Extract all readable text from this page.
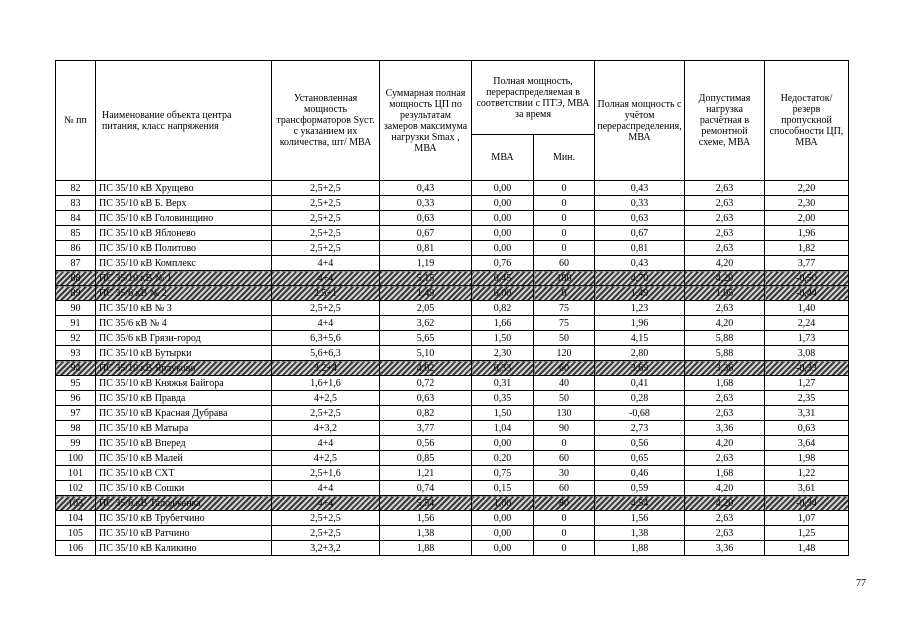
№ пп	Наименование объекта центра питания, класс напряжения	Установленная мощность трансформаторов Sуст. с указанием их количества, шт/ МВА	Суммарная полная мощность ЦП по результатам замеров максимума нагрузки Smax , МВА	Полная мощность, перераспределяемая в соответствии с ПТЭ, МВА за время		Полная мощность с учётом перераспределения, МВА	Допустимая нагрузка расчётная в ремонтной схеме, МВА	Недостаток/ резерв пропускной способности ЦП, МВА
				МВА	Мин.			
82	ПС 35/10 кВ Хрущево	2,5+2,5	0,43	0,00	0	0,43	2,63	2,20
83	ПС 35/10 кВ Б. Верх	2,5+2,5	0,33	0,00	0	0,33	2,63	2,30
84	ПС 35/10 кВ Головинщино	2,5+2,5	0,63	0,00	0	0,63	2,63	2,00
85	ПС 35/10 кВ Яблонево	2,5+2,5	0,67	0,00	0	0,67	2,63	1,96
86	ПС 35/10 кВ Политово	2,5+2,5	0,81	0,00	0	0,81	2,63	1,82
87	ПС 35/10 кВ Комплекс	4+4	1,19	0,76	60	0,43	4,20	3,77
88	ПС 35/10 кВ № 1	4+4	5,15	0,45	180	4,70	4,20	-0,50
89	ПС 35/6 кВ № 2	2,5+1	1,49	0,00	0	1,49	1,05	-0,44
90	ПС 35/10 кВ № 3	2,5+2,5	2,05	0,82	75	1,23	2,63	1,40
91	ПС 35/6 кВ № 4	4+4	3,62	1,66	75	1,96	4,20	2,24
92	ПС 35/6 кВ Грязи-город	6,3+5,6	5,65	1,50	50	4,15	5,88	1,73
93	ПС 35/10 кВ Бутырки	5,6+6,3	5,10	2,30	120	2,80	5,88	3,08
94	ПС 35/10 кВ Ярлуково	3,2+4	4,02	0,33	60	3,69	3,36	-0,33
95	ПС 35/10 кВ Княжья Байгора	1,6+1,6	0,72	0,31	40	0,41	1,68	1,27
96	ПС 35/10 кВ Правда	4+2,5	0,63	0,35	50	0,28	2,63	2,35
97	ПС 35/10 кВ Красная Дубрава	2,5+2,5	0,82	1,50	130	-0,68	2,63	3,31
98	ПС 35/10 кВ Матыра	4+3,2	3,77	1,04	90	2,73	3,36	0,63
99	ПС 35/10 кВ Вперед	4+4	0,56	0,00	0	0,56	4,20	3,64
100	ПС 35/10 кВ Малей	4+2,5	0,85	0,20	60	0,65	2,63	1,98
101	ПС 35/10 кВ СХТ	2,5+1,6	1,21	0,75	30	0,46	1,68	1,22
102	ПС 35/10 кВ Сошки	4+4	0,74	0,15	60	0,59	4,20	3,61
103	ПС 35/6 кВ Талоджанка	4+4	5,54	1,00	80	4,54	4,20	-0,34
104	ПС 35/10 кВ Трубетчино	2,5+2,5	1,56	0,00	0	1,56	2,63	1,07
105	ПС 35/10 кВ Ратчино	2,5+2,5	1,38	0,00	0	1,38	2,63	1,25
106	ПС 35/10 кВ Каликино	3,2+3,2	1,88	0,00	0	1,88	3,36	1,48
77
